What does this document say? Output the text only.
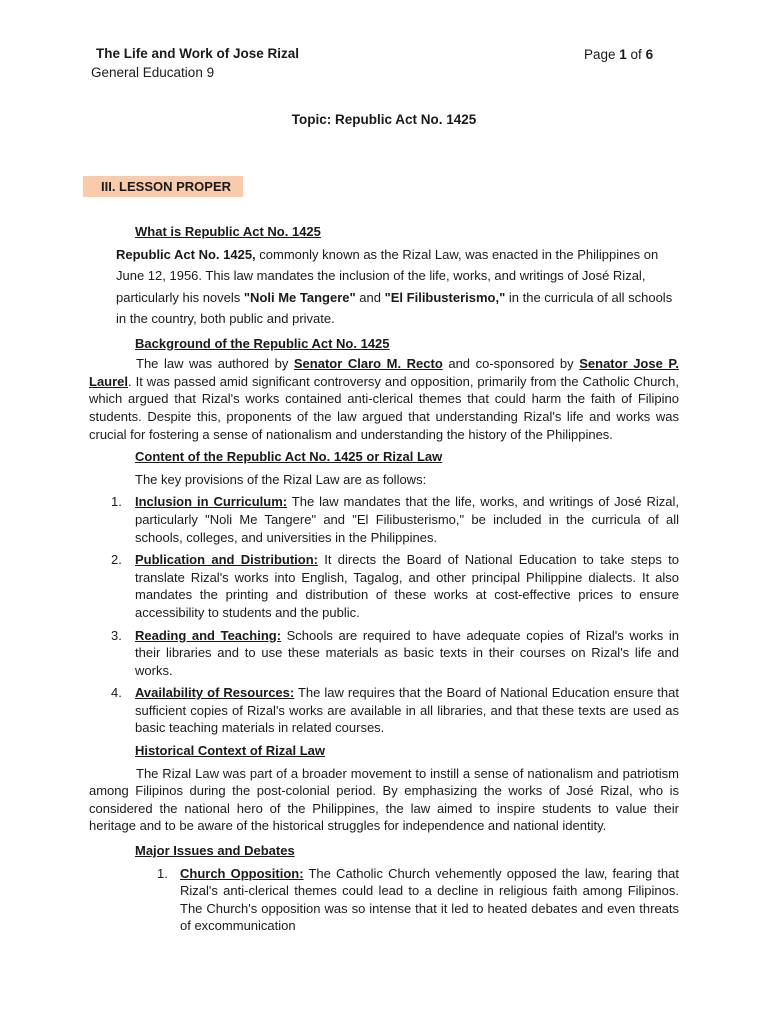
The Life and Work of Jose Rizal
General Education 9
Page 1 of 6
Topic: Republic Act No. 1425
III. LESSON PROPER
What is Republic Act No. 1425
Republic Act No. 1425, commonly known as the Rizal Law, was enacted in the Philippines on June 12, 1956. This law mandates the inclusion of the life, works, and writings of José Rizal, particularly his novels "Noli Me Tangere" and "El Filibusterismo," in the curricula of all schools in the country, both public and private.
Background of the Republic Act No. 1425
The law was authored by Senator Claro M. Recto and co-sponsored by Senator Jose P. Laurel. It was passed amid significant controversy and opposition, primarily from the Catholic Church, which argued that Rizal's works contained anti-clerical themes that could harm the faith of Filipino students. Despite this, proponents of the law argued that understanding Rizal's life and works was crucial for fostering a sense of nationalism and understanding the history of the Philippines.
Content of the Republic Act No. 1425 or Rizal Law
The key provisions of the Rizal Law are as follows:
1. Inclusion in Curriculum: The law mandates that the life, works, and writings of José Rizal, particularly "Noli Me Tangere" and "El Filibusterismo," be included in the curricula of all schools, colleges, and universities in the Philippines.
2. Publication and Distribution: It directs the Board of National Education to take steps to translate Rizal's works into English, Tagalog, and other principal Philippine dialects. It also mandates the printing and distribution of these works at cost-effective prices to ensure accessibility to students and the public.
3. Reading and Teaching: Schools are required to have adequate copies of Rizal's works in their libraries and to use these materials as basic texts in their courses on Rizal's life and works.
4. Availability of Resources: The law requires that the Board of National Education ensure that sufficient copies of Rizal's works are available in all libraries, and that these texts are used as basic teaching materials in related courses.
Historical Context of Rizal Law
The Rizal Law was part of a broader movement to instill a sense of nationalism and patriotism among Filipinos during the post-colonial period. By emphasizing the works of José Rizal, who is considered the national hero of the Philippines, the law aimed to inspire students to value their heritage and to be aware of the historical struggles for independence and national identity.
Major Issues and Debates
1. Church Opposition: The Catholic Church vehemently opposed the law, fearing that Rizal's anti-clerical themes could lead to a decline in religious faith among Filipinos. The Church's opposition was so intense that it led to heated debates and even threats of excommunication
